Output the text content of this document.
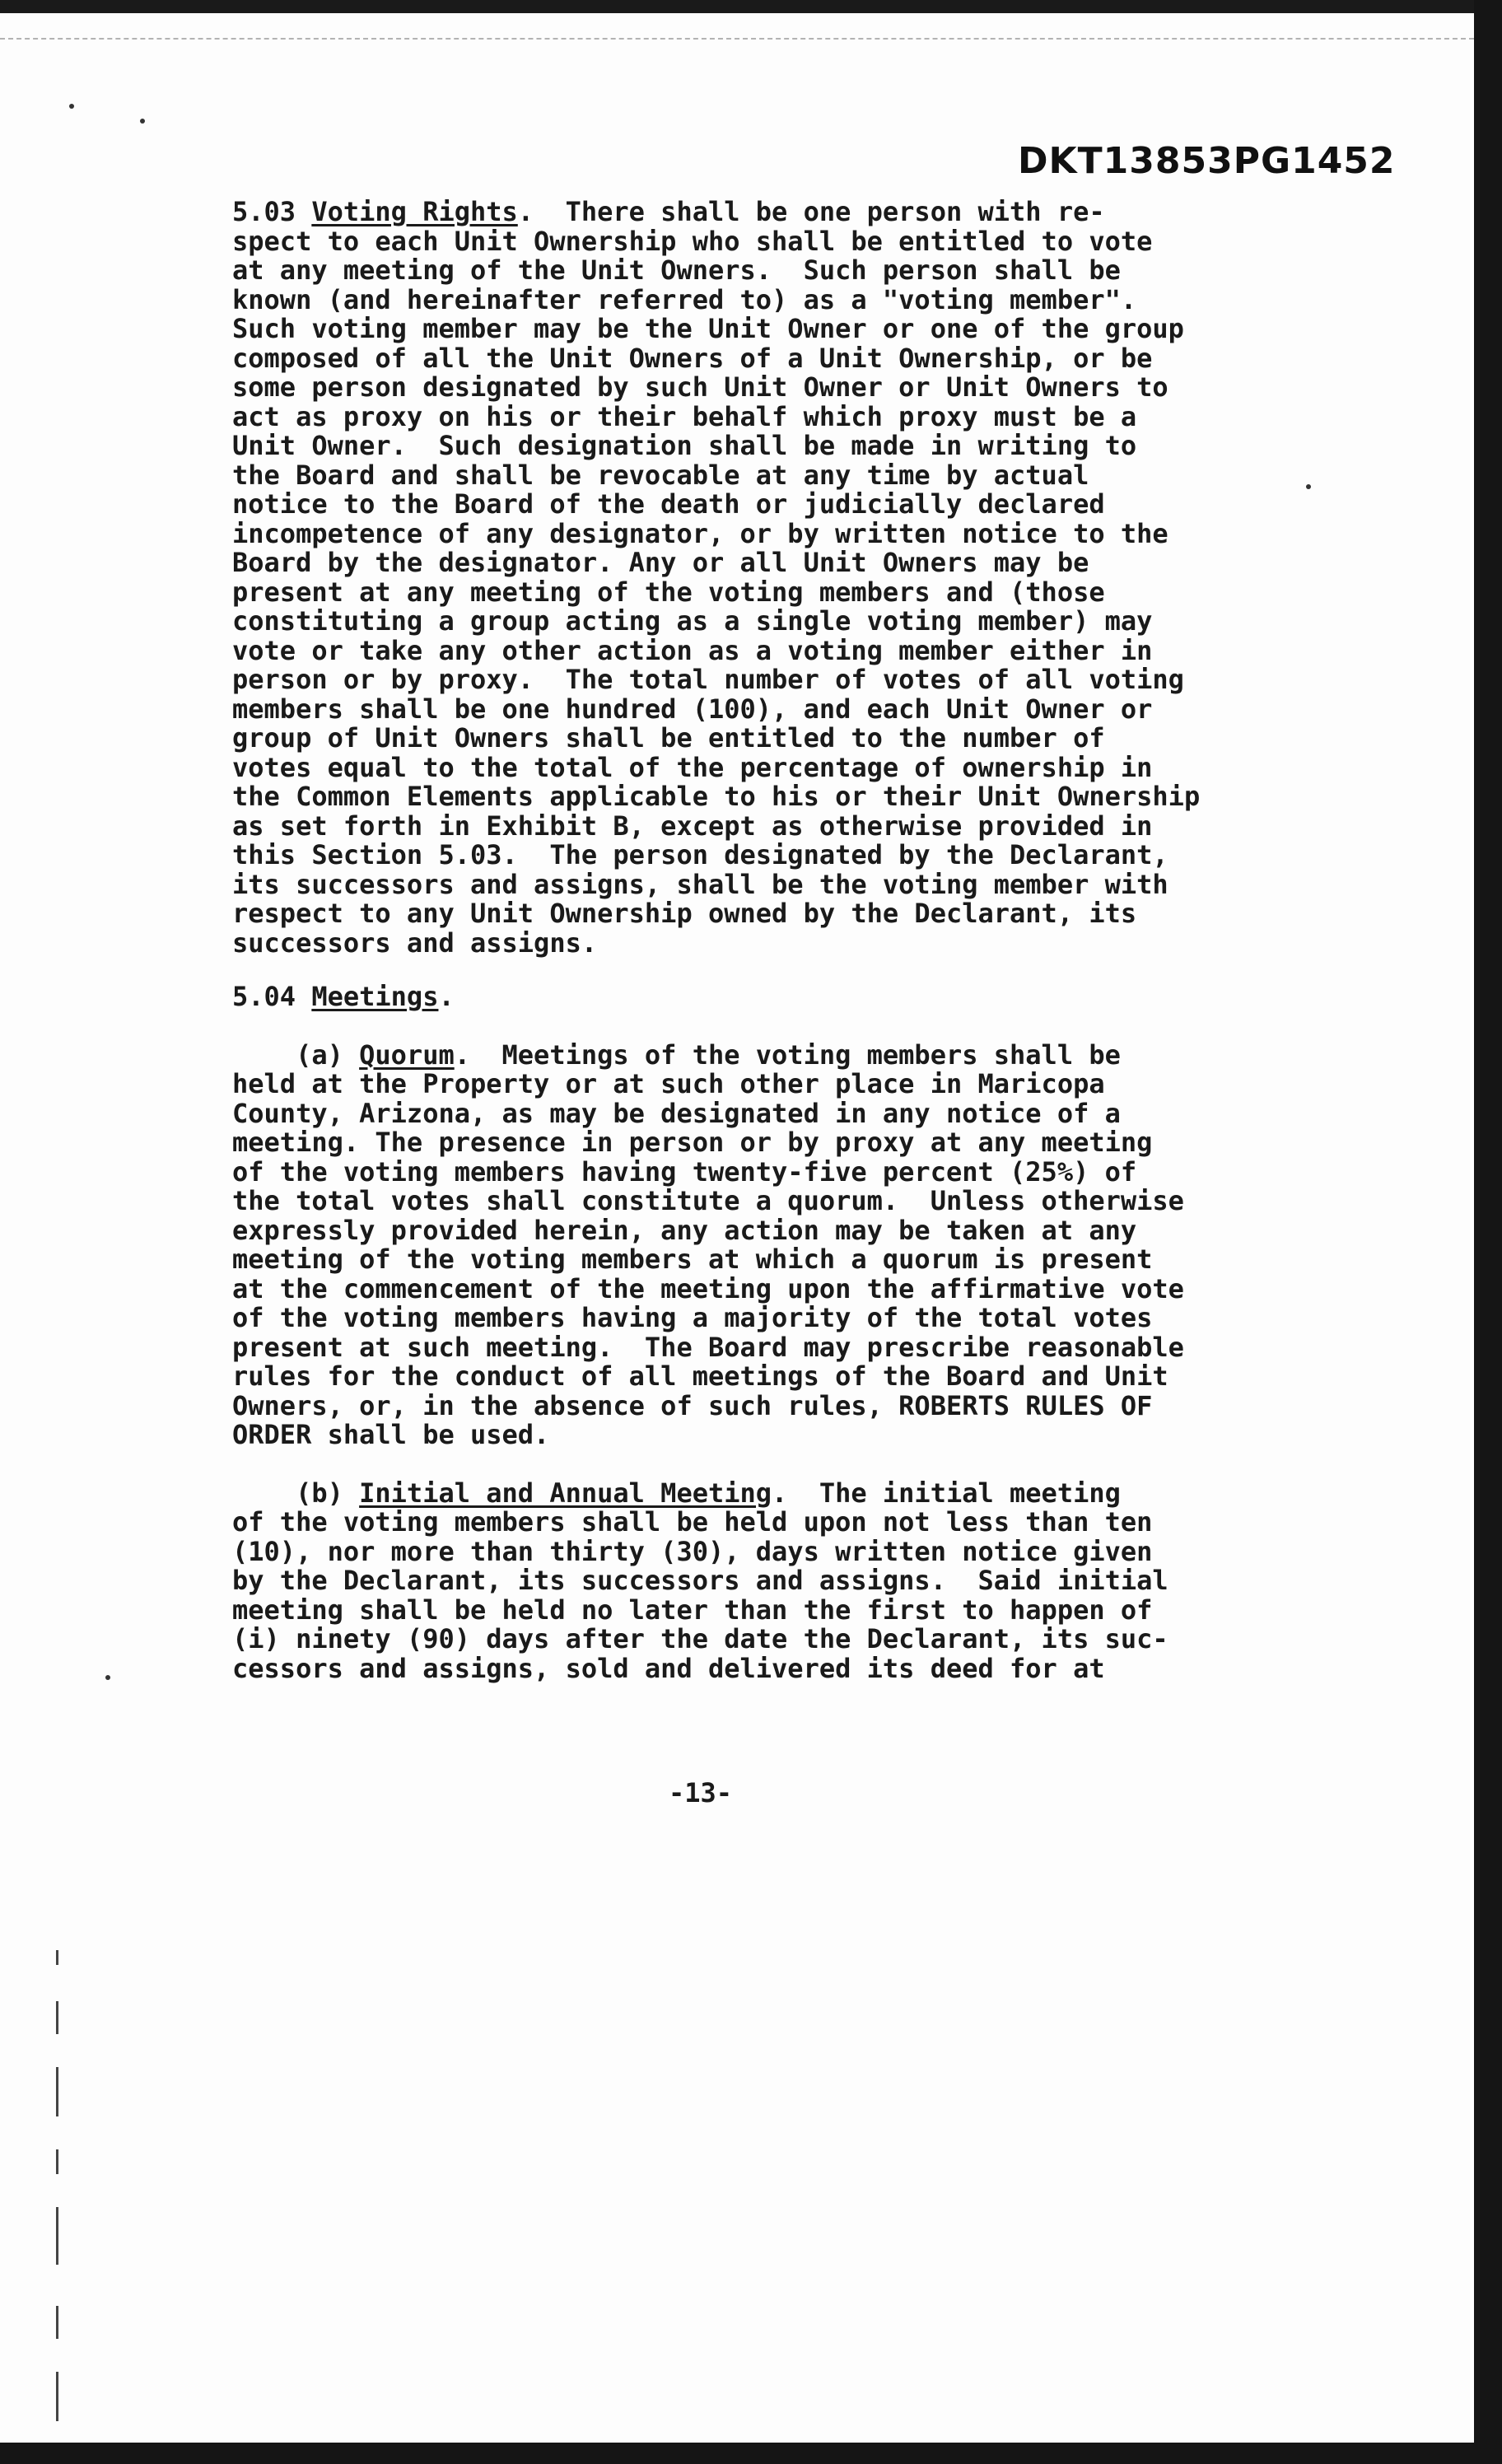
DKT13853PG1452

5.03 Voting Rights.  There shall be one person with re-
spect to each Unit Ownership who shall be entitled to vote
at any meeting of the Unit Owners.  Such person shall be
known (and hereinafter referred to) as a "voting member".
Such voting member may be the Unit Owner or one of the group
composed of all the Unit Owners of a Unit Ownership, or be
some person designated by such Unit Owner or Unit Owners to
act as proxy on his or their behalf which proxy must be a
Unit Owner.  Such designation shall be made in writing to
the Board and shall be revocable at any time by actual
notice to the Board of the death or judicially declared
incompetence of any designator, or by written notice to the
Board by the designator. Any or all Unit Owners may be
present at any meeting of the voting members and (those
constituting a group acting as a single voting member) may
vote or take any other action as a voting member either in
person or by proxy.  The total number of votes of all voting
members shall be one hundred (100), and each Unit Owner or
group of Unit Owners shall be entitled to the number of
votes equal to the total of the percentage of ownership in
the Common Elements applicable to his or their Unit Ownership
as set forth in Exhibit B, except as otherwise provided in
this Section 5.03.  The person designated by the Declarant,
its successors and assigns, shall be the voting member with
respect to any Unit Ownership owned by the Declarant, its
successors and assigns.

5.04 Meetings.

(a) Quorum.  Meetings of the voting members shall be
held at the Property or at such other place in Maricopa
County, Arizona, as may be designated in any notice of a
meeting. The presence in person or by proxy at any meeting
of the voting members having twenty-five percent (25%) of
the total votes shall constitute a quorum.  Unless otherwise
expressly provided herein, any action may be taken at any
meeting of the voting members at which a quorum is present
at the commencement of the meeting upon the affirmative vote
of the voting members having a majority of the total votes
present at such meeting.  The Board may prescribe reasonable
rules for the conduct of all meetings of the Board and Unit
Owners, or, in the absence of such rules, ROBERTS RULES OF
ORDER shall be used.

(b) Initial and Annual Meeting.  The initial meeting
of the voting members shall be held upon not less than ten
(10), nor more than thirty (30), days written notice given
by the Declarant, its successors and assigns.  Said initial
meeting shall be held no later than the first to happen of
(i) ninety (90) days after the date the Declarant, its suc-
cessors and assigns, sold and delivered its deed for at

-13-
